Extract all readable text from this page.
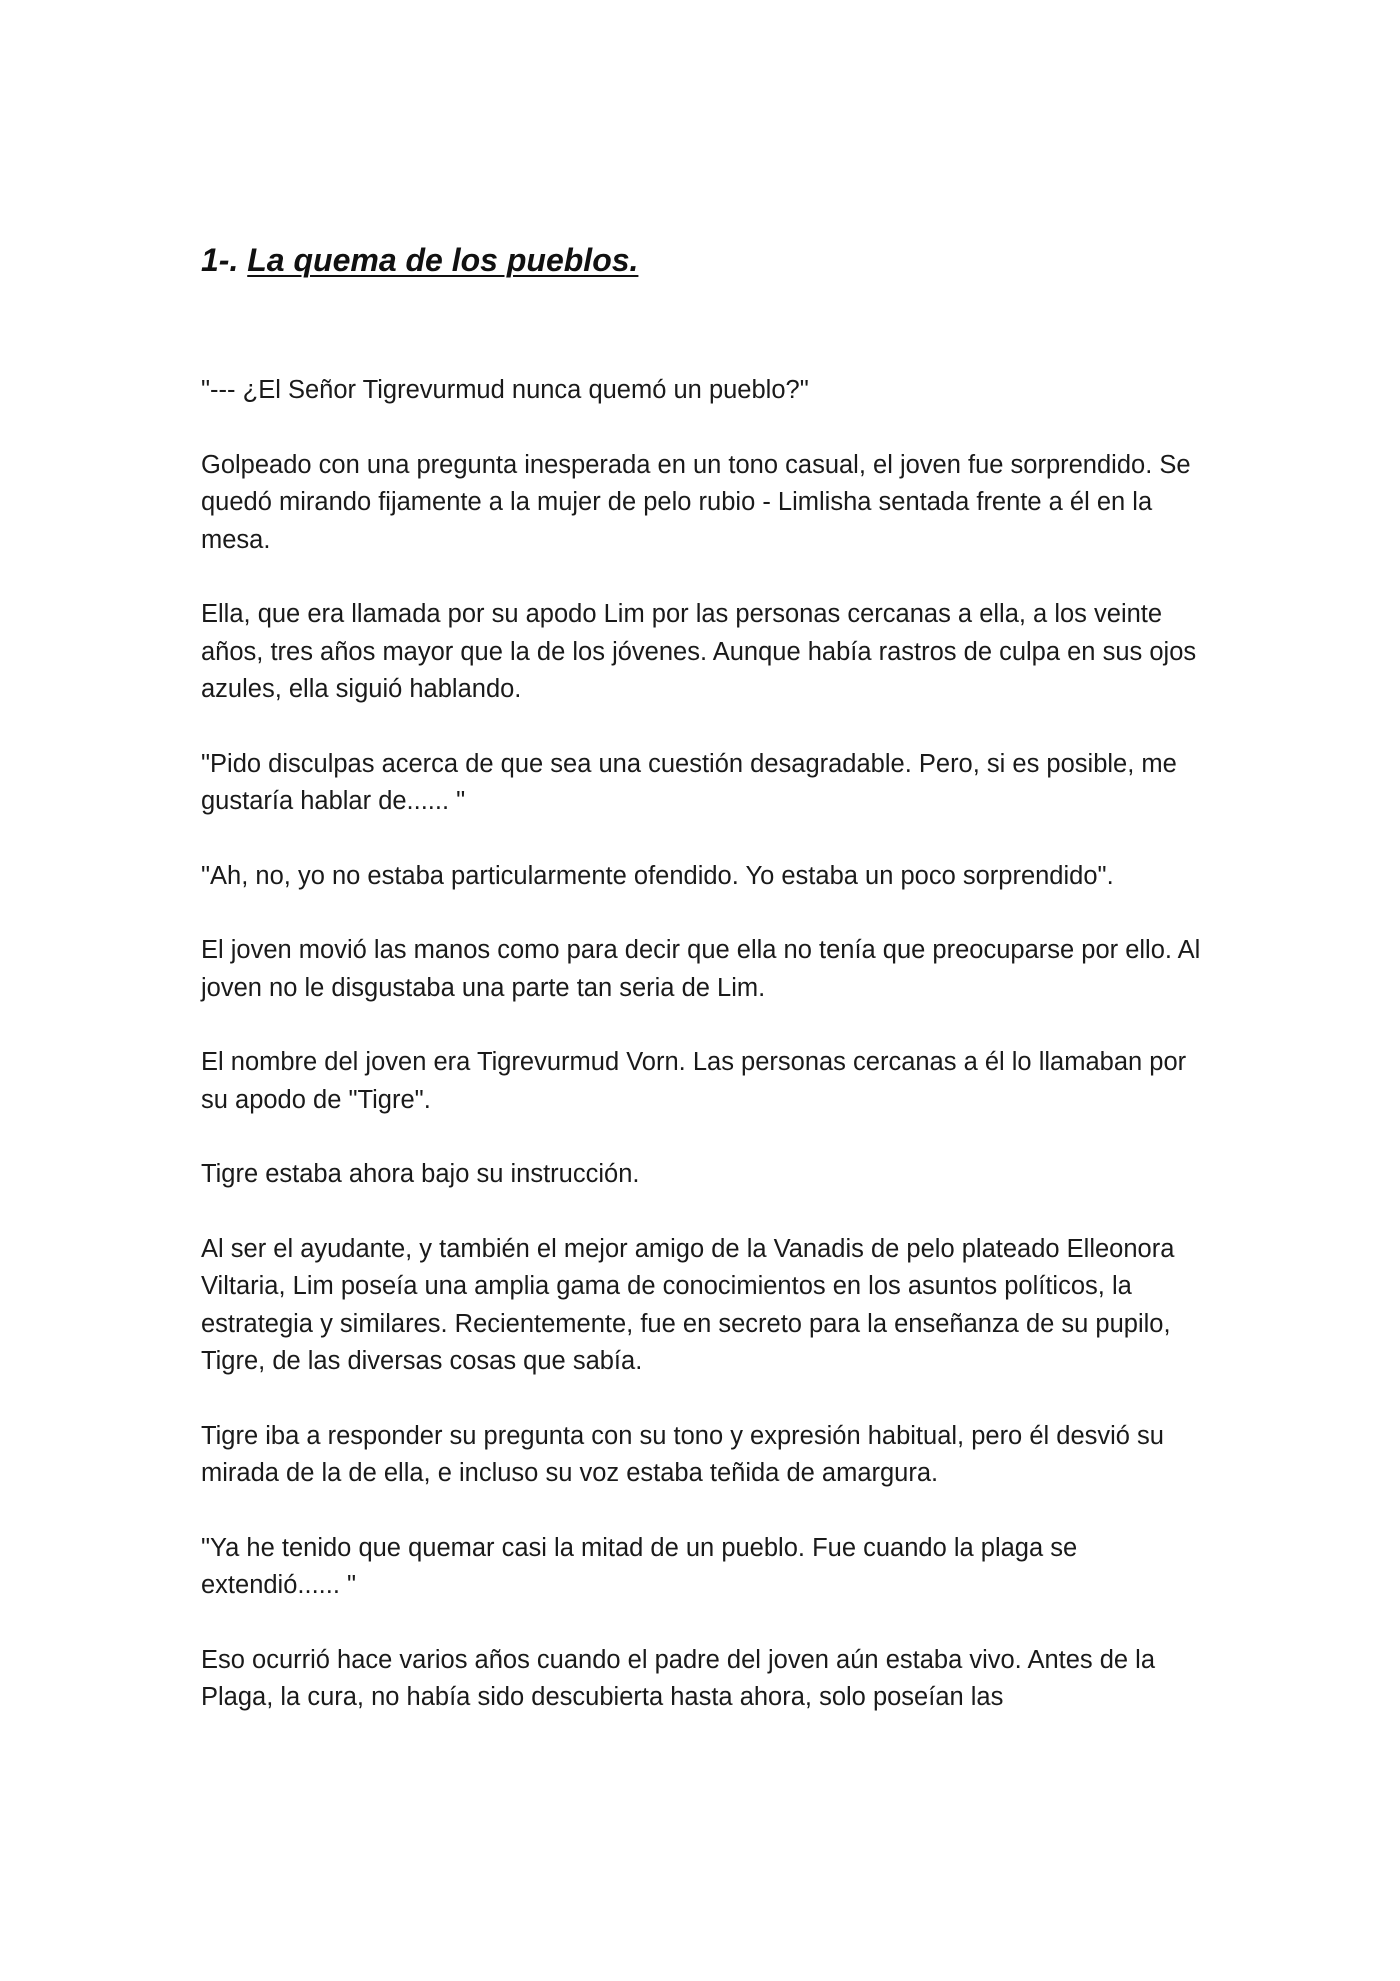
1-. La quema de los pueblos.

"--- ¿El Señor Tigrevurmud nunca quemó un pueblo?"

Golpeado con una pregunta inesperada en un tono casual, el joven fue sorprendido. Se quedó mirando fijamente a la mujer de pelo rubio - Limlisha sentada frente a él en la mesa.

Ella, que era llamada por su apodo Lim por las personas cercanas a ella, a los veinte años, tres años mayor que la de los jóvenes. Aunque había rastros de culpa en sus ojos azules, ella siguió hablando.

"Pido disculpas acerca de que sea una cuestión desagradable. Pero, si es posible, me gustaría hablar de...... "

"Ah, no, yo no estaba particularmente ofendido. Yo estaba un poco sorprendido".

El joven movió las manos como para decir que ella no tenía que preocuparse por ello. Al joven no le disgustaba una parte tan seria de Lim.

El nombre del joven era Tigrevurmud Vorn. Las personas cercanas a él lo llamaban por su apodo de "Tigre".

Tigre estaba ahora bajo su instrucción.

Al ser el ayudante, y también el mejor amigo de la Vanadis de pelo plateado Elleonora Viltaria, Lim poseía una amplia gama de conocimientos en los asuntos políticos, la estrategia y similares. Recientemente, fue en secreto para la enseñanza de su pupilo, Tigre, de las diversas cosas que sabía.

Tigre iba a responder su pregunta con su tono y expresión habitual, pero él desvió su mirada de la de ella, e incluso su voz estaba teñida de amargura.

"Ya he tenido que quemar casi la mitad de un pueblo. Fue cuando la plaga se extendió...... "

Eso ocurrió hace varios años cuando el padre del joven aún estaba vivo. Antes de la Plaga, la cura, no había sido descubierta hasta ahora, solo poseían las
